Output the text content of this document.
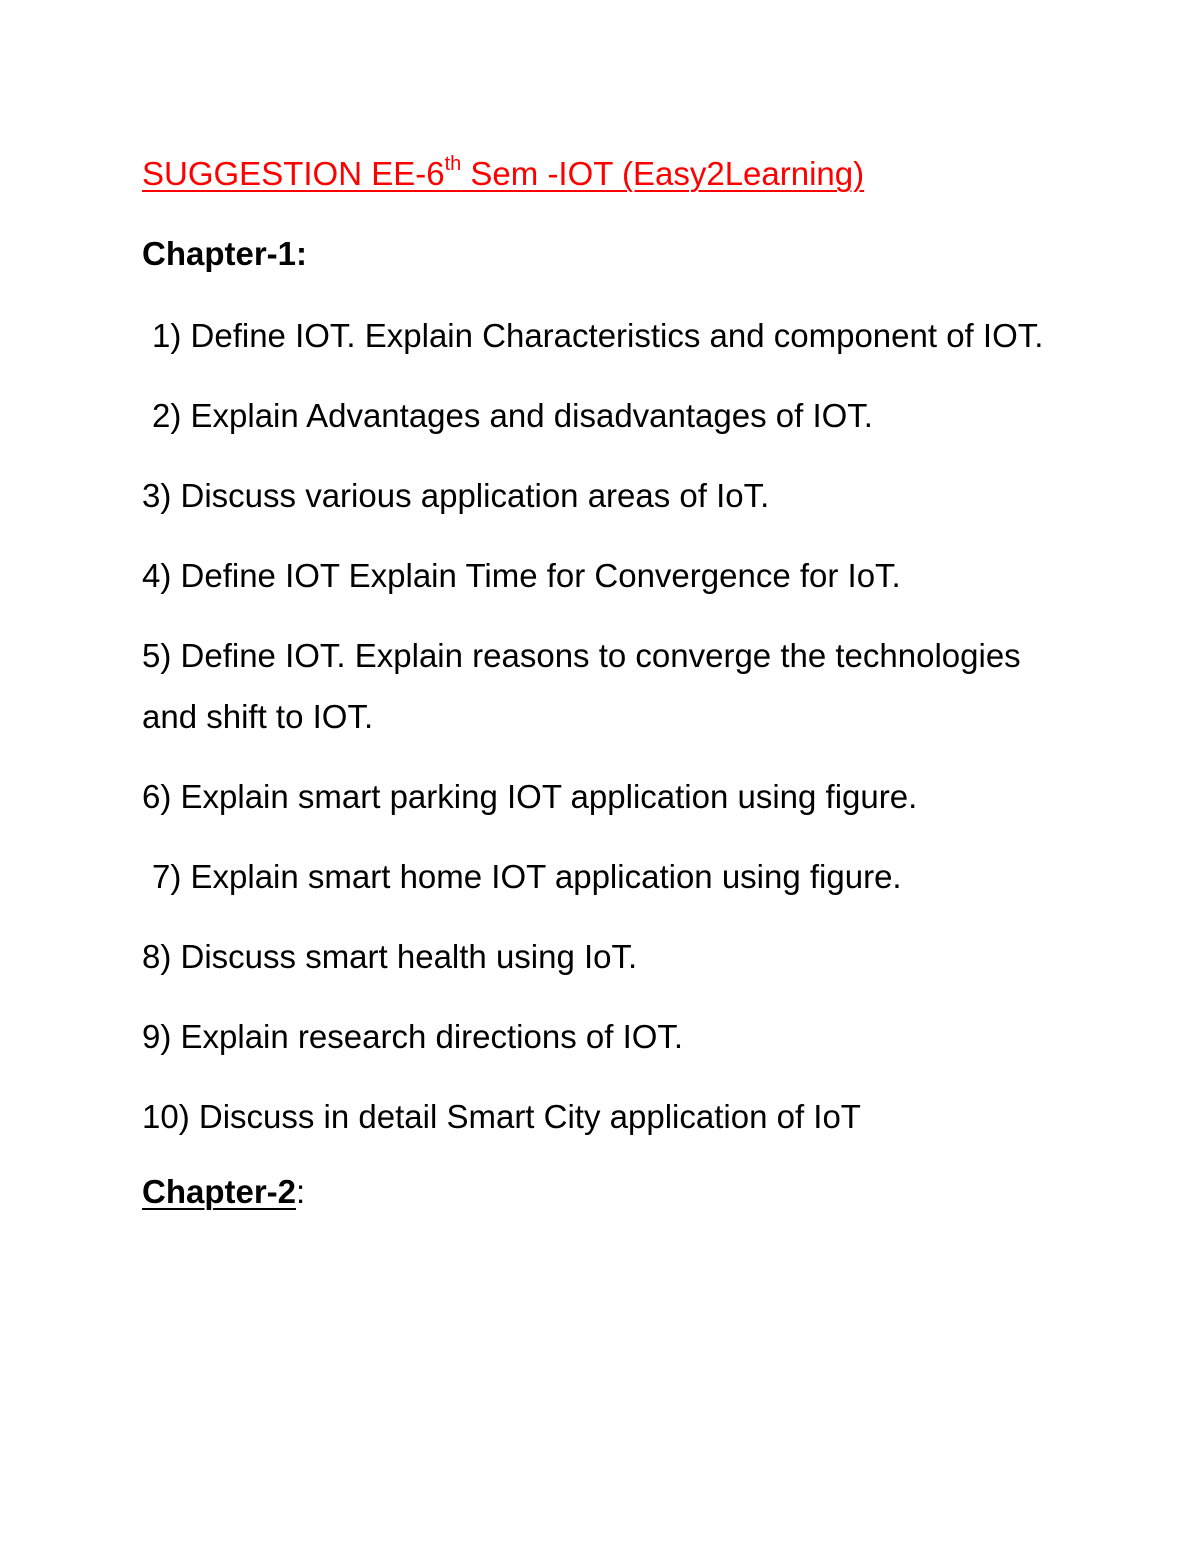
SUGGESTION EE-6th Sem -IOT (Easy2Learning)
Chapter-1:
1) Define IOT. Explain Characteristics and component of IOT.
2) Explain Advantages and disadvantages of IOT.
3) Discuss various application areas of IoT.
4) Define IOT Explain Time for Convergence for IoT.
5) Define IOT. Explain reasons to converge the technologies and shift to IOT.
6) Explain smart parking IOT application using figure.
7) Explain smart home IOT application using figure.
8) Discuss smart health using IoT.
9) Explain research directions of IOT.
10) Discuss in detail Smart City application of IoT
Chapter-2:
